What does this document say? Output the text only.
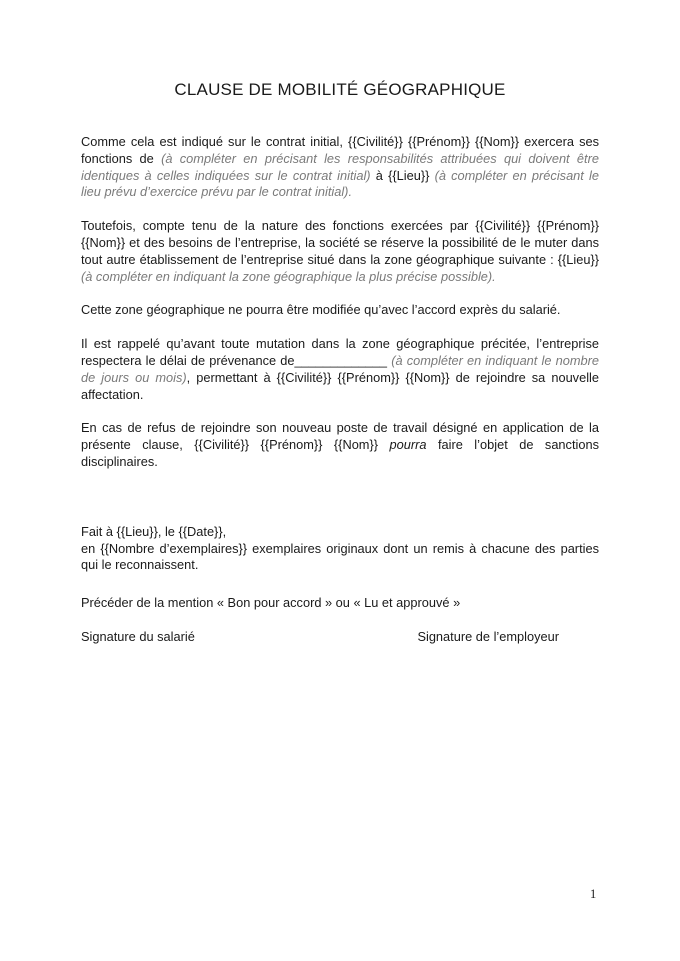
CLAUSE DE MOBILITÉ GÉOGRAPHIQUE

Comme cela est indiqué sur le contrat initial, {{Civilité}} {{Prénom}} {{Nom}} exercera ses fonctions de (à compléter en précisant les responsabilités attribuées qui doivent être identiques à celles indiquées sur le contrat initial) à {{Lieu}} (à compléter en précisant le lieu prévu d’exercice prévu par le contrat initial).

Toutefois, compte tenu de la nature des fonctions exercées par {{Civilité}} {{Prénom}} {{Nom}} et des besoins de l’entreprise, la société se réserve la possibilité de le muter dans tout autre établissement de l’entreprise situé dans la zone géographique suivante : {{Lieu}} (à compléter en indiquant la zone géographique la plus précise possible).

Cette zone géographique ne pourra être modifiée qu’avec l’accord exprès du salarié.

Il est rappelé qu’avant toute mutation dans la zone géographique précitée, l’entreprise respectera le délai de prévenance de_____________ (à compléter en indiquant le nombre de jours ou mois), permettant à {{Civilité}} {{Prénom}} {{Nom}} de rejoindre sa nouvelle affectation.

En cas de refus de rejoindre son nouveau poste de travail désigné en application de la présente clause, {{Civilité}} {{Prénom}} {{Nom}} pourra faire l’objet de sanctions disciplinaires.

Fait à {{Lieu}}, le {{Date}},
en {{Nombre d’exemplaires}} exemplaires originaux dont un remis à chacune des parties qui le reconnaissent.

Précéder de la mention « Bon pour accord » ou « Lu et approuvé »

Signature du salarié	Signature de l’employeur
1
